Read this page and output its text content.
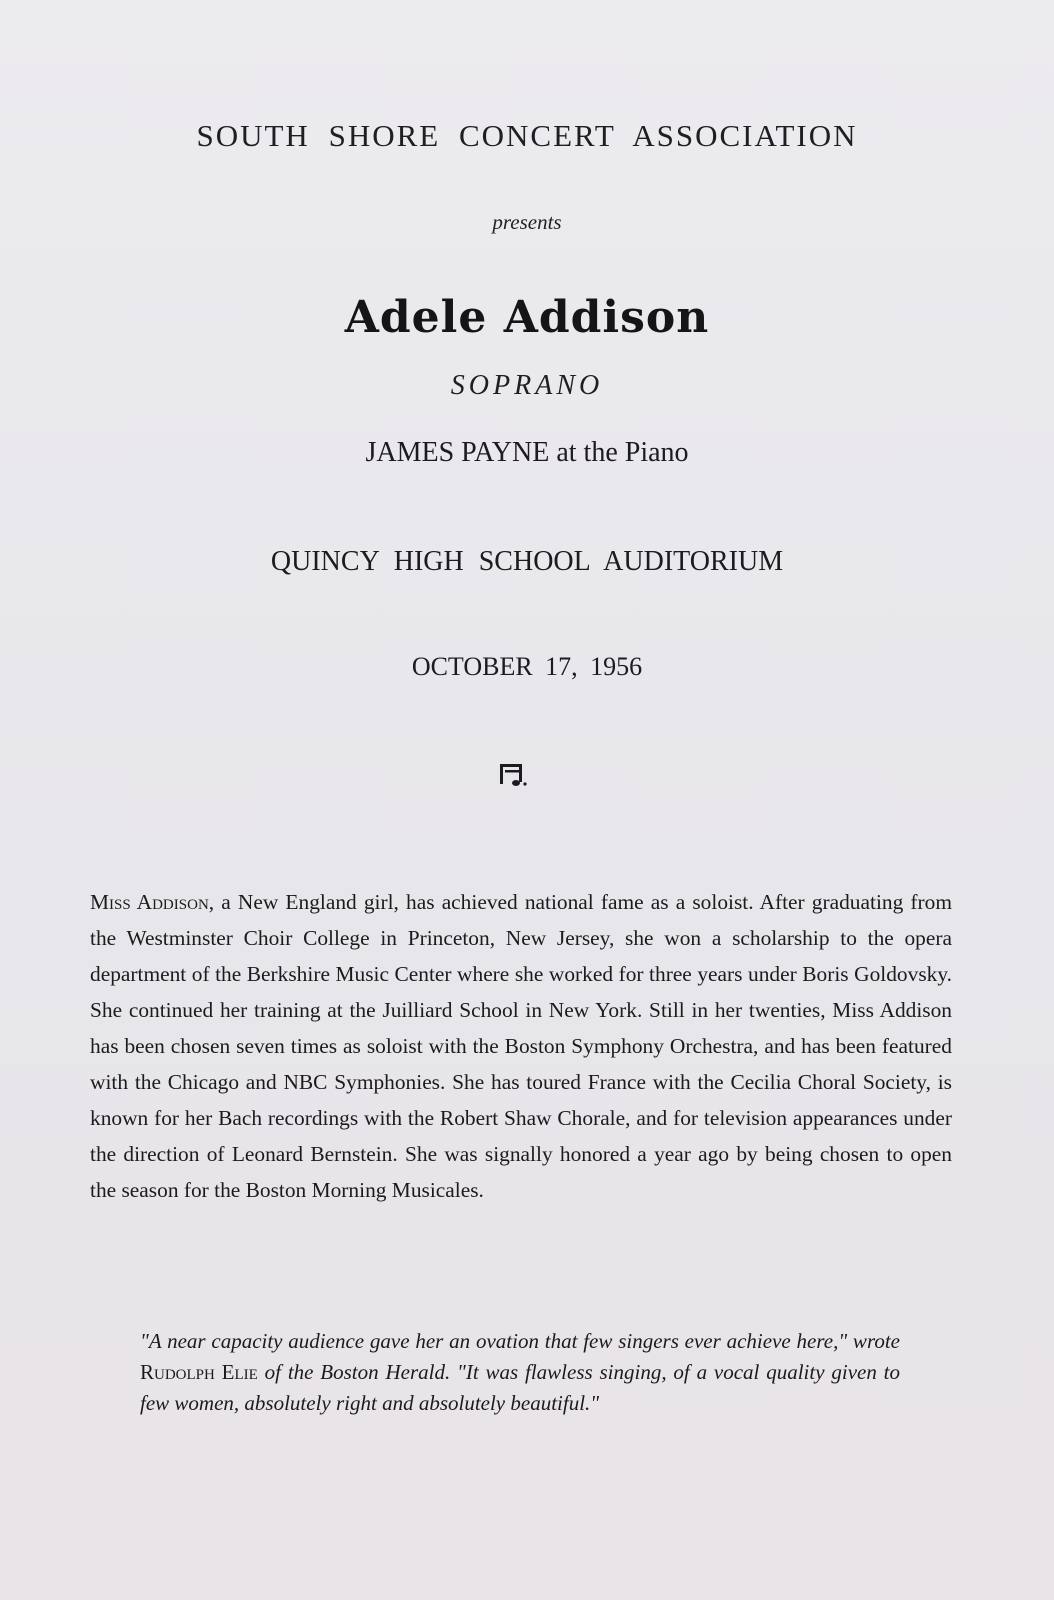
SOUTH SHORE CONCERT ASSOCIATION
presents
Adele Addison
SOPRANO
JAMES PAYNE at the Piano
QUINCY HIGH SCHOOL AUDITORIUM
OCTOBER 17, 1956
Miss Addison, a New England girl, has achieved national fame as a soloist. After graduating from the Westminster Choir College in Princeton, New Jersey, she won a scholarship to the opera department of the Berkshire Music Center where she worked for three years under Boris Goldovsky. She continued her training at the Juilliard School in New York. Still in her twenties, Miss Addison has been chosen seven times as soloist with the Boston Symphony Orchestra, and has been featured with the Chicago and NBC Symphonies. She has toured France with the Cecilia Choral Society, is known for her Bach recordings with the Robert Shaw Chorale, and for television appearances under the direction of Leonard Bernstein. She was signally honored a year ago by being chosen to open the season for the Boston Morning Musicales.
"A near capacity audience gave her an ovation that few singers ever achieve here," wrote Rudolph Elie of the Boston Herald. "It was flawless singing, of a vocal quality given to few women, absolutely right and absolutely beautiful."
